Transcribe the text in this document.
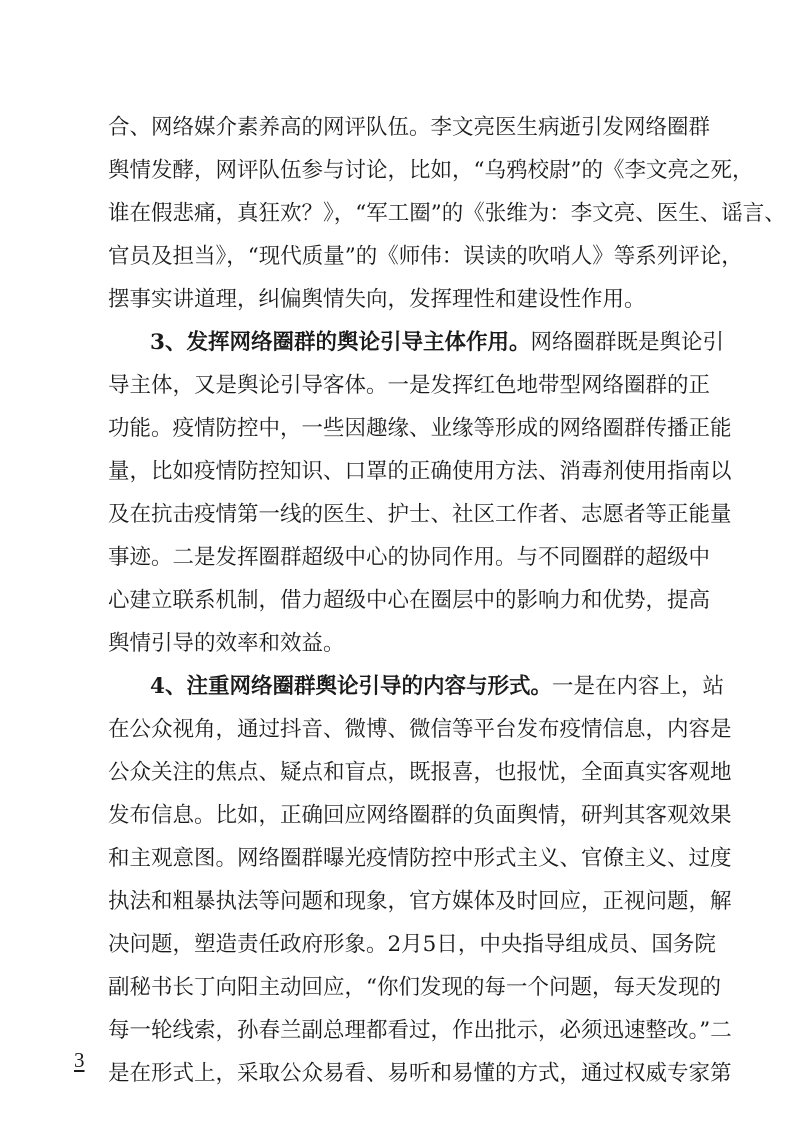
合、网络媒介素养高的网评队伍。李文亮医生病逝引发网络圈群
舆情发酵，网评队伍参与讨论，比如，“乌鸦校尉”的《李文亮之死，
谁在假悲痛，真狂欢？》，“军工圈”的《张维为：李文亮、医生、谣言、
官员及担当》，“现代质量”的《师伟：误读的吹哨人》等系列评论，
摆事实讲道理，纠偏舆情失向，发挥理性和建设性作用。
3、发挥网络圈群的舆论引导主体作用。网络圈群既是舆论引
导主体，又是舆论引导客体。一是发挥红色地带型网络圈群的正
功能。疫情防控中，一些因趣缘、业缘等形成的网络圈群传播正能
量，比如疫情防控知识、口罩的正确使用方法、消毒剂使用指南以
及在抗击疫情第一线的医生、护士、社区工作者、志愿者等正能量
事迹。二是发挥圈群超级中心的协同作用。与不同圈群的超级中
心建立联系机制，借力超级中心在圈层中的影响力和优势，提高
舆情引导的效率和效益。
4、注重网络圈群舆论引导的内容与形式。一是在内容上，站
在公众视角，通过抖音、微博、微信等平台发布疫情信息，内容是
公众关注的焦点、疑点和盲点，既报喜，也报忧，全面真实客观地
发布信息。比如，正确回应网络圈群的负面舆情，研判其客观效果
和主观意图。网络圈群曝光疫情防控中形式主义、官僚主义、过度
执法和粗暴执法等问题和现象，官方媒体及时回应，正视问题，解
决问题，塑造责任政府形象。2月5日，中央指导组成员、国务院
副秘书长丁向阳主动回应，“你们发现的每一个问题，每天发现的
每一轮线索，孙春兰副总理都看过，作出批示，必须迅速整改。”二
是在形式上，采取公众易看、易听和易懂的方式，通过权威专家第
3
